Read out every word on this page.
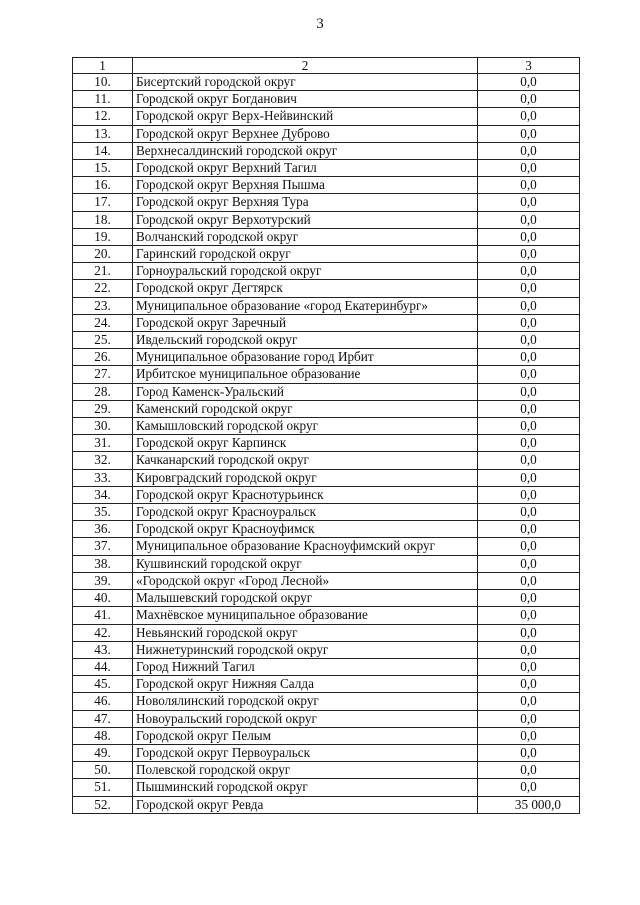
3
1	2	3
10.	Бисертский городской округ	0,0
11.	Городской округ Богданович	0,0
12.	Городской округ Верх-Нейвинский	0,0
13.	Городской округ Верхнее Дуброво	0,0
14.	Верхнесалдинский городской округ	0,0
15.	Городской округ Верхний Тагил	0,0
16.	Городской округ Верхняя Пышма	0,0
17.	Городской округ Верхняя Тура	0,0
18.	Городской округ Верхотурский	0,0
19.	Волчанский городской округ	0,0
20.	Гаринский городской округ	0,0
21.	Горноуральский городской округ	0,0
22.	Городской округ Дегтярск	0,0
23.	Муниципальное образование «город Екатеринбург»	0,0
24.	Городской округ Заречный	0,0
25.	Ивдельский городской округ	0,0
26.	Муниципальное образование город Ирбит	0,0
27.	Ирбитское муниципальное образование	0,0
28.	Город Каменск-Уральский	0,0
29.	Каменский городской округ	0,0
30.	Камышловский городской округ	0,0
31.	Городской округ Карпинск	0,0
32.	Качканарский городской округ	0,0
33.	Кировградский городской округ	0,0
34.	Городской округ Краснотурьинск	0,0
35.	Городской округ Красноуральск	0,0
36.	Городской округ Красноуфимск	0,0
37.	Муниципальное образование Красноуфимский округ	0,0
38.	Кушвинский городской округ	0,0
39.	«Городской округ «Город Лесной»	0,0
40.	Малышевский городской округ	0,0
41.	Махнёвское муниципальное образование	0,0
42.	Невьянский городской округ	0,0
43.	Нижнетуринский городской округ	0,0
44.	Город Нижний Тагил	0,0
45.	Городской округ Нижняя Салда	0,0
46.	Новолялинский городской округ	0,0
47.	Новоуральский городской округ	0,0
48.	Городской округ Пелым	0,0
49.	Городской округ Первоуральск	0,0
50.	Полевской городской округ	0,0
51.	Пышминский городской округ	0,0
52.	Городской округ Ревда	35 000,0
